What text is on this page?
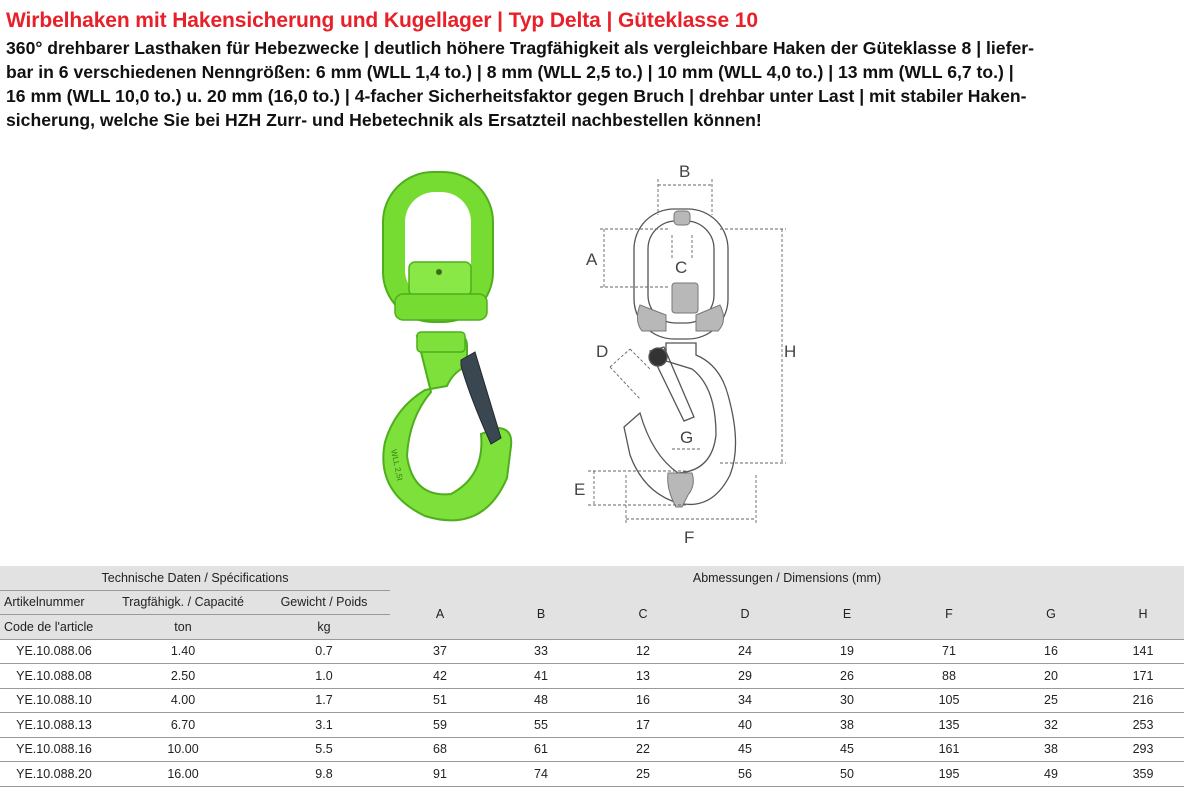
Wirbelhaken mit Hakensicherung und Kugellager | Typ Delta | Güteklasse 10
360° drehbarer Lasthaken für Hebezwecke | deutlich höhere Tragfähigkeit als vergleichbare Haken der Güteklasse 8 | liefer-
bar in 6 verschiedenen Nenngrößen: 6 mm (WLL 1,4 to.) | 8 mm (WLL 2,5 to.) | 10 mm (WLL 4,0 to.) | 13 mm (WLL 6,7 to.) |
16 mm (WLL 10,0 to.) u. 20 mm (16,0 to.) | 4-facher Sicherheitsfaktor gegen Bruch | drehbar unter Last | mit stabiler Haken-
sicherung, welche Sie bei HZH Zurr- und Hebetechnik als Ersatzteil nachbestellen können!
WLL 2,5t
B
A	C
H
D
G
E
F
Technische Daten / Spécifications			Abmessungen / Dimensions (mm)							
Artikelnummer	Tragfähigk. / Capacité	Gewicht / Poids	A	B	C	D	E	F	G	H
Code de l'article	ton	kg								
YE.10.088.06	1.40	0.7	37	33	12	24	19	71	16	141
YE.10.088.08	2.50	1.0	42	41	13	29	26	88	20	171
YE.10.088.10	4.00	1.7	51	48	16	34	30	105	25	216
YE.10.088.13	6.70	3.1	59	55	17	40	38	135	32	253
YE.10.088.16	10.00	5.5	68	61	22	45	45	161	38	293
YE.10.088.20	16.00	9.8	91	74	25	56	50	195	49	359
